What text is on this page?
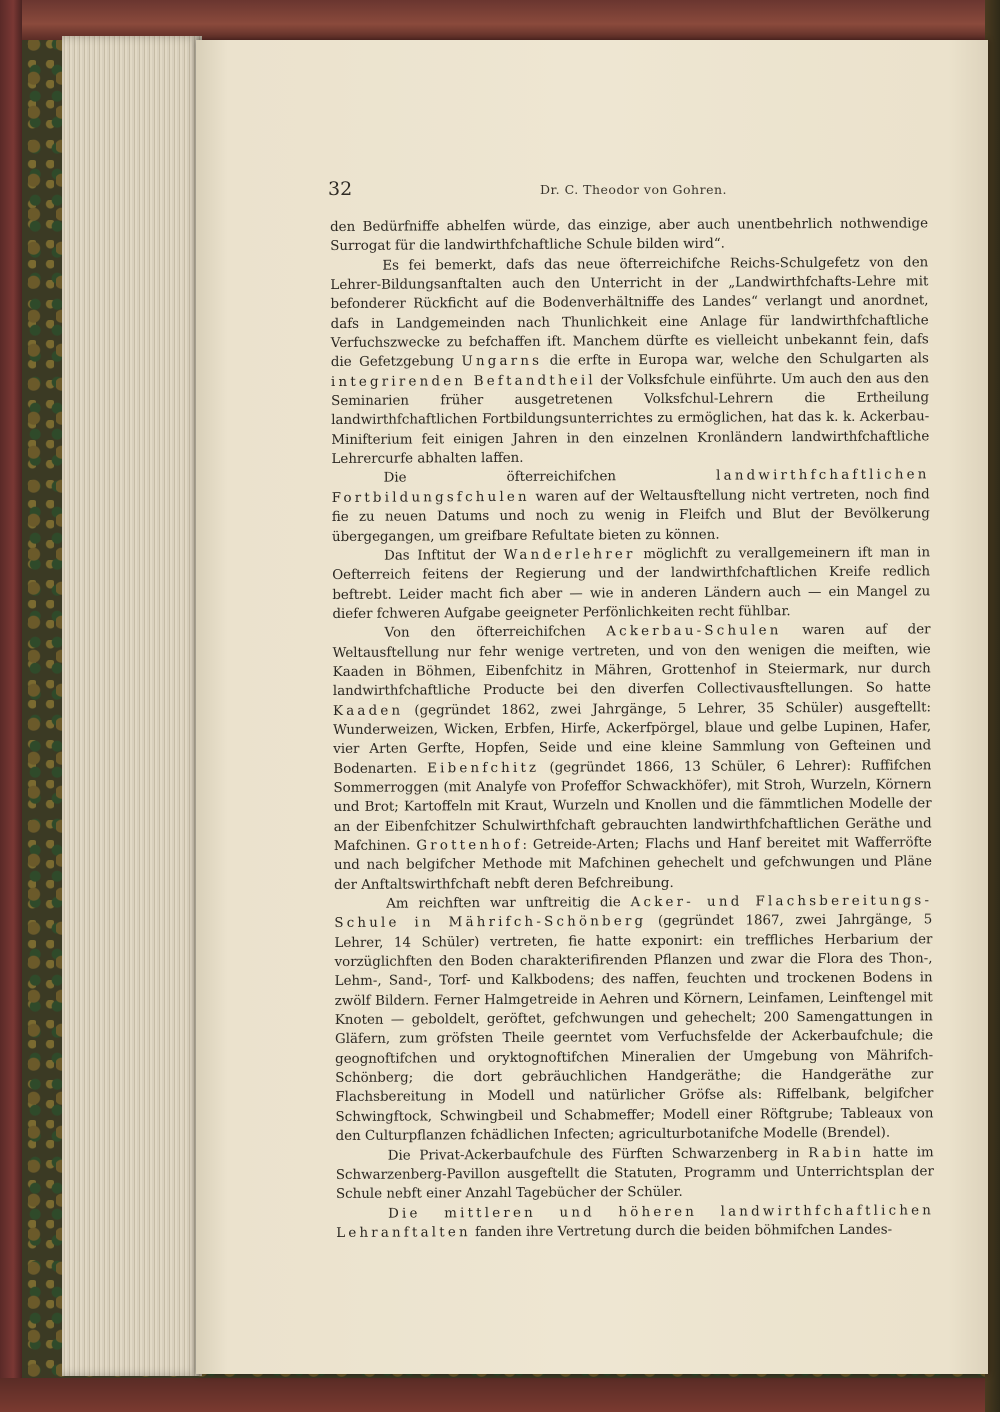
32	Dr. C. Theodor von Gohren.

den Bedürfniffe abhelfen würde, das einzige, aber auch unentbehrlich nothwendige Surrogat für die landwirthfchaftliche Schule bilden wird“.

Es fei bemerkt, dafs das neue öfterreichifche Reichs-Schulgefetz von den Lehrer-Bildungsanftalten auch den Unterricht in der „Landwirthfchafts-Lehre mit befonderer Rückficht auf die Bodenverhältniffe des Landes“ verlangt und anordnet, dafs in Landgemeinden nach Thunlichkeit eine Anlage für landwirthfchaftliche Verfuchszwecke zu befchaffen ift. Manchem dürfte es vielleicht unbekannt fein, dafs die Gefetzgebung Ungarns die erfte in Europa war, welche den Schulgarten als integrirenden Beftandtheil der Volksfchule einführte. Um auch den aus den Seminarien früher ausgetretenen Volksfchul-Lehrern die Ertheilung landwirthfchaftlichen Fortbildungsunterrichtes zu ermöglichen, hat das k. k. Ackerbau-Minifterium feit einigen Jahren in den einzelnen Kronländern landwirthfchaftliche Lehrercurfe abhalten laffen.

Die öfterreichifchen landwirthfchaftlichen Fortbildungsfchulen waren auf der Weltausftellung nicht vertreten, noch find fie zu neuen Datums und noch zu wenig in Fleifch und Blut der Bevölkerung übergegangen, um greifbare Refultate bieten zu können.

Das Inftitut der Wanderlehrer möglichft zu verallgemeinern ift man in Oefterreich feitens der Regierung und der landwirthfchaftlichen Kreife redlich beftrebt. Leider macht fich aber — wie in anderen Ländern auch — ein Mangel zu diefer fchweren Aufgabe geeigneter Perfönlichkeiten recht fühlbar.

Von den öfterreichifchen Ackerbau-Schulen waren auf der Weltausftellung nur fehr wenige vertreten, und von den wenigen die meiften, wie Kaaden in Böhmen, Eibenfchitz in Mähren, Grottenhof in Steiermark, nur durch landwirthfchaftliche Producte bei den diverfen Collectivausftellungen. So hatte Kaaden (gegründet 1862, zwei Jahrgänge, 5 Lehrer, 35 Schüler) ausgeftellt: Wunderweizen, Wicken, Erbfen, Hirfe, Ackerfpörgel, blaue und gelbe Lupinen, Hafer, vier Arten Gerfte, Hopfen, Seide und eine kleine Sammlung von Gefteinen und Bodenarten. Eibenfchitz (gegründet 1866, 13 Schüler, 6 Lehrer): Ruffifchen Sommerroggen (mit Analyfe von Profeffor Schwackhöfer), mit Stroh, Wurzeln, Körnern und Brot; Kartoffeln mit Kraut, Wurzeln und Knollen und die fämmtlichen Modelle der an der Eibenfchitzer Schulwirthfchaft gebrauchten landwirthfchaftlichen Geräthe und Mafchinen. Grottenhof: Getreide-Arten; Flachs und Hanf bereitet mit Wafferröfte und nach belgifcher Methode mit Mafchinen gehechelt und gefchwungen und Pläne der Anftaltswirthfchaft nebft deren Befchreibung.

Am reichften war unftreitig die Acker- und Flachsbereitungs-Schule in Mährifch-Schönberg (gegründet 1867, zwei Jahrgänge, 5 Lehrer, 14 Schüler) vertreten, fie hatte exponirt: ein treffliches Herbarium der vorzüglichften den Boden charakterifirenden Pflanzen und zwar die Flora des Thon-, Lehm-, Sand-, Torf- und Kalkbodens; des naffen, feuchten und trockenen Bodens in zwölf Bildern. Ferner Halmgetreide in Aehren und Körnern, Leinfamen, Leinftengel mit Knoten — geboldelt, geröftet, gefchwungen und gehechelt; 200 Samengattungen in Gläfern, zum gröfsten Theile geerntet vom Verfuchsfelde der Ackerbaufchule; die geognoftifchen und oryktognoftifchen Mineralien der Umgebung von Mährifch-Schönberg; die dort gebräuchlichen Handgeräthe; die Handgeräthe zur Flachsbereitung in Modell und natürlicher Gröfse als: Riffelbank, belgifcher Schwingftock, Schwingbeil und Schabmeffer; Modell einer Röftgrube; Tableaux von den Culturpflanzen fchädlichen Infecten; agriculturbotanifche Modelle (Brendel).

Die Privat-Ackerbaufchule des Fürften Schwarzenberg in Rabin hatte im Schwarzenberg-Pavillon ausgeftellt die Statuten, Programm und Unterrichtsplan der Schule nebft einer Anzahl Tagebücher der Schüler.

Die mittleren und höheren landwirthfchaftlichen Lehranftalten fanden ihre Vertretung durch die beiden böhmifchen Landes-
